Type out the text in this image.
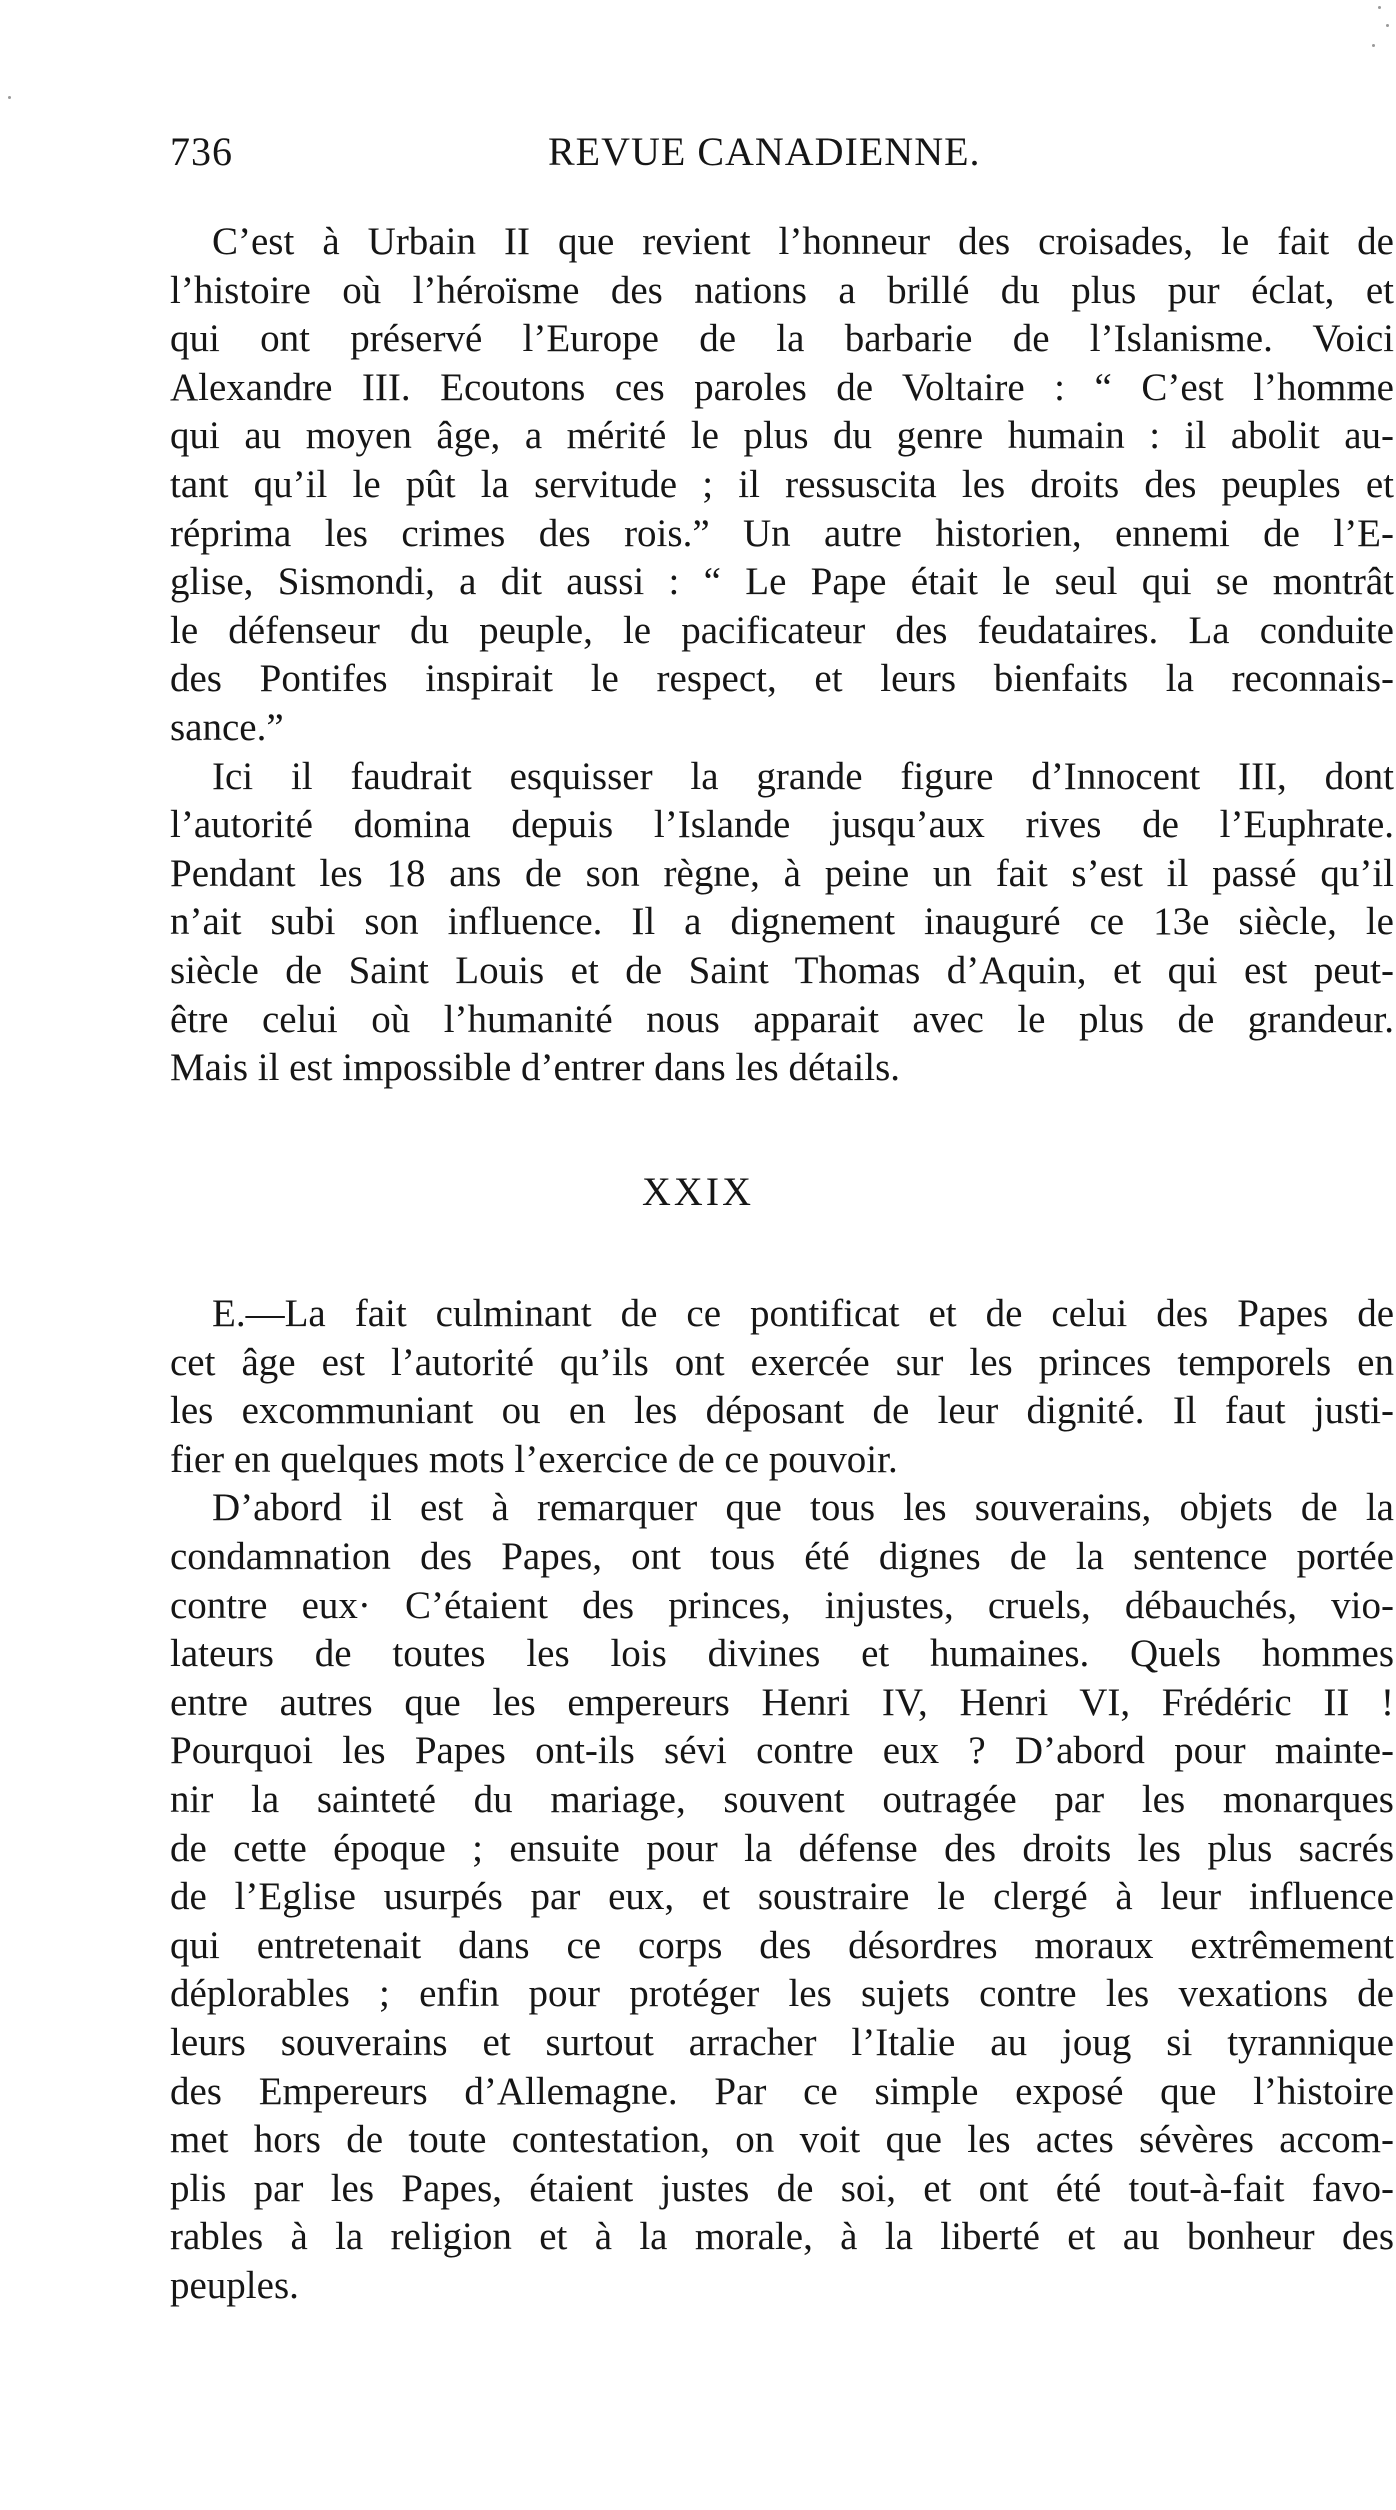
736	REVUE CANADIENNE.
C’est à Urbain II que revient l’honneur des croisades, le fait de
l’histoire où l’héroïsme des nations a brillé du plus pur éclat, et
qui ont préservé l’Europe de la barbarie de l’Islanisme. Voici
Alexandre III. Ecoutons ces paroles de Voltaire : “ C’est l’homme
qui au moyen âge, a mérité le plus du genre humain : il abolit au-
tant qu’il le pût la servitude ; il ressuscita les droits des peuples et
réprima les crimes des rois.” Un autre historien, ennemi de l’E-
glise, Sismondi, a dit aussi : “ Le Pape était le seul qui se montrât
le défenseur du peuple, le pacificateur des feudataires. La conduite
des Pontifes inspirait le respect, et leurs bienfaits la reconnais-
sance.”
Ici il faudrait esquisser la grande figure d’Innocent III, dont
l’autorité domina depuis l’Islande jusqu’aux rives de l’Euphrate.
Pendant les 18 ans de son règne, à peine un fait s’est il passé qu’il
n’ait subi son influence. Il a dignement inauguré ce 13e siècle, le
siècle de Saint Louis et de Saint Thomas d’Aquin, et qui est peut-
être celui où l’humanité nous apparait avec le plus de grandeur.
Mais il est impossible d’entrer dans les détails.
XXIX
E.—La fait culminant de ce pontificat et de celui des Papes de
cet âge est l’autorité qu’ils ont exercée sur les princes temporels en
les excommuniant ou en les déposant de leur dignité. Il faut justi-
fier en quelques mots l’exercice de ce pouvoir.
D’abord il est à remarquer que tous les souverains, objets de la
condamnation des Papes, ont tous été dignes de la sentence portée
contre eux· C’étaient des princes, injustes, cruels, débauchés, vio-
lateurs de toutes les lois divines et humaines. Quels hommes
entre autres que les empereurs Henri IV, Henri VI, Frédéric II !
Pourquoi les Papes ont-ils sévi contre eux ? D’abord pour mainte-
nir la sainteté du mariage, souvent outragée par les monarques
de cette époque ; ensuite pour la défense des droits les plus sacrés
de l’Eglise usurpés par eux, et soustraire le clergé à leur influence
qui entretenait dans ce corps des désordres moraux extrêmement
déplorables ; enfin pour protéger les sujets contre les vexations de
leurs souverains et surtout arracher l’Italie au joug si tyrannique
des Empereurs d’Allemagne. Par ce simple exposé que l’histoire
met hors de toute contestation, on voit que les actes sévères accom-
plis par les Papes, étaient justes de soi, et ont été tout-à-fait favo-
rables à la religion et à la morale, à la liberté et au bonheur des
peuples.
